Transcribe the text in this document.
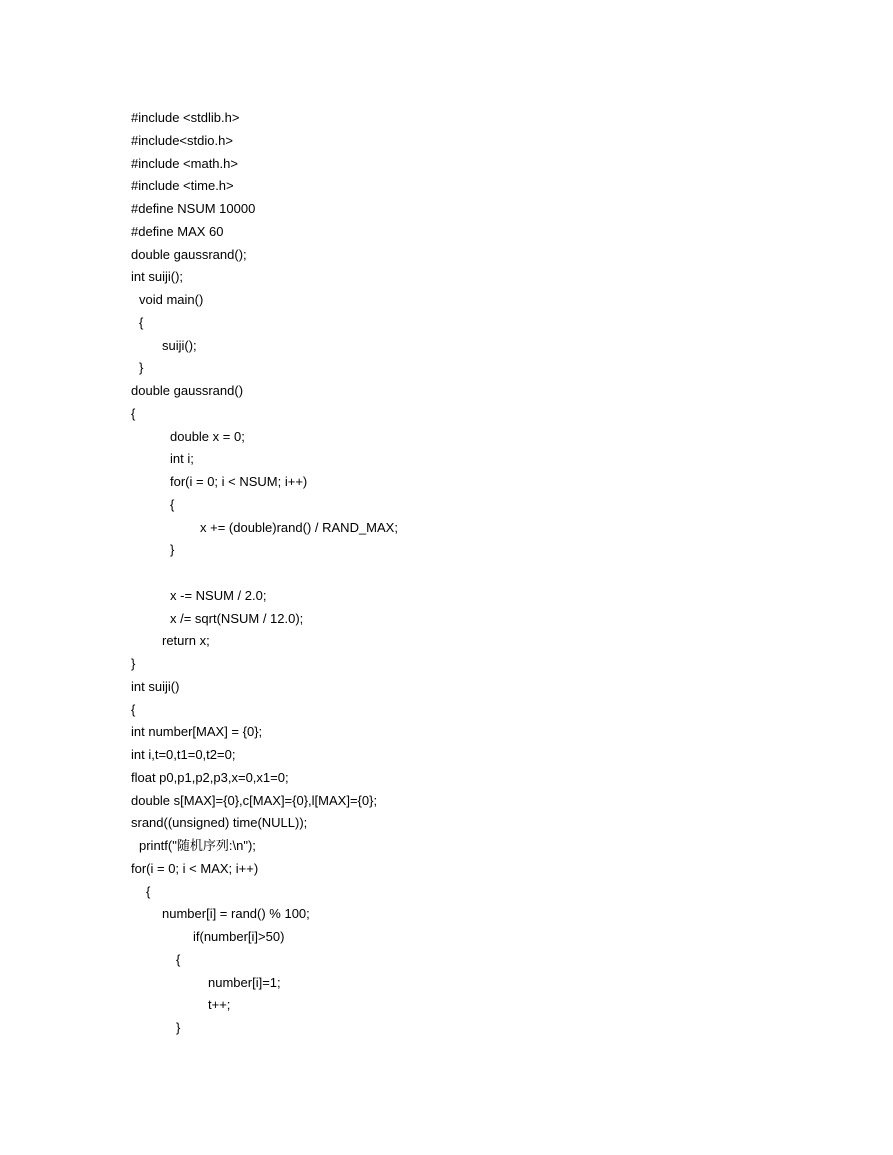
#include <stdlib.h>
#include<stdio.h>
#include <math.h>
#include <time.h>
#define NSUM 10000
#define MAX 60
double gaussrand();
int suiji();
void main()
{
suiji();
}
double gaussrand()
{
double x = 0;
int i;
for(i = 0; i < NSUM; i++)
{
x += (double)rand() / RAND_MAX;
}
x -= NSUM / 2.0;
x /= sqrt(NSUM / 12.0);
return x;
}
int suiji()
{
int number[MAX] = {0};
int i,t=0,t1=0,t2=0;
float p0,p1,p2,p3,x=0,x1=0;
double s[MAX]={0},c[MAX]={0},l[MAX]={0};
srand((unsigned) time(NULL));
printf("随机序列:\n");
for(i = 0; i < MAX; i++)
{
number[i] = rand() % 100;
if(number[i]>50)
{
number[i]=1;
t++;
}
